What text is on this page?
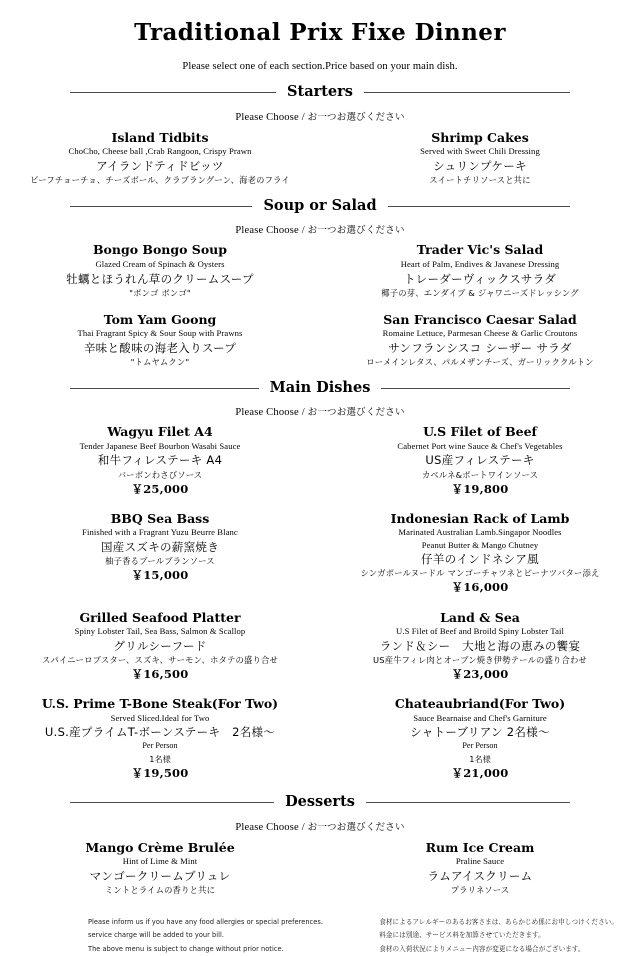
Traditional Prix Fixe Dinner
Please select one of each section.Price based on your main dish.
Starters
Please Choose / お一つお選びください
Island Tidbits
ChoCho, Cheese ball ,Crab Rangoon, Crispy Prawn
アイランドティドビッツ
ビーフチョーチョ、チーズボール、クラブラングーン、海老のフライ
Shrimp Cakes
Served with Sweet Chili Dressing
シュリンプケーキ
スイートチリソースと共に
Soup or Salad
Please Choose / お一つお選びください
Bongo Bongo Soup
Glazed Cream of Spinach & Oysters
牡蠣とほうれん草のクリームスープ
"ボンゴ ボンゴ"
Trader Vic's Salad
Heart of Palm, Endives & Javanese Dressing
トレーダーヴィックスサラダ
椰子の芽、エンダイブ & ジャワニーズドレッシング
Tom Yam Goong
Thai Fragrant Spicy & Sour Soup with Prawns
辛味と酸味の海老入りスープ
"トムヤムクン"
San Francisco Caesar Salad
Romaine Lettuce, Parmesan Cheese & Garlic Croutons
サンフランシスコ シーザー サラダ
ローメインレタス、パルメザンチーズ、ガーリッククルトン
Main Dishes
Please Choose / お一つお選びください
Wagyu Filet A4
Tender Japanese Beef Bourbon Wasabi Sauce
和牛フィレステーキ A4
バーボンわさびソース
￥25,000
U.S Filet of Beef
Cabernet Port wine Sauce & Chef's Vegetables
US産フィレステーキ
カベルネ&ポートワインソース
￥19,800
BBQ Sea Bass
Finished with a Fragrant Yuzu Beurre Blanc
国産スズキの薪窯焼き
柚子香るブールブランソース
￥15,000
Indonesian Rack of Lamb
Marinated Australian Lamb.Singapor Noodles
Peanut Butter & Mango Chutney
仔羊のインドネシア風
シンガポールヌードル マンゴーチャツネとピーナツバター添え
￥16,000
Grilled Seafood Platter
Spiny Lobster Tail, Sea Bass, Salmon & Scallop
グリルシーフード
スパイニーロブスター、スズキ、サーモン、ホタテの盛り合せ
￥16,500
Land & Sea
U.S Filet of Beef and Broild Spiny Lobster Tail
ランド＆シー　大地と海の恵みの饗宴
US産牛フィレ肉とオーブン焼き伊勢テールの盛り合わせ
￥23,000
U.S. Prime T-Bone Steak(For Two)
Served Sliced.Ideal for Two
U.S.産プライムT-ボーンステーキ　2名様〜
Per Person
1名様
￥19,500
Chateaubriand(For Two)
Sauce Bearnaise and Chef's Garniture
シャトーブリアン 2名様〜
Per Person
1名様
￥21,000
Desserts
Please Choose / お一つお選びください
Mango Crème Brulée
Hint of Lime & Mint
マンゴークリームブリュレ
ミントとライムの香りと共に
Rum Ice Cream
Praline Sauce
ラムアイスクリーム
プラリネソース
Please inform us if you have any food allergies or special preferences.
service charge will be added to your bill.
The above menu is subject to change without prior notice.
食材によるアレルギーのあるお客さまは、あらかじめ係にお申しつけください。
料金には別途、サービス料を加算させていただきます。
食材の入荷状況によりメニュー内容が変更になる場合がございます。
